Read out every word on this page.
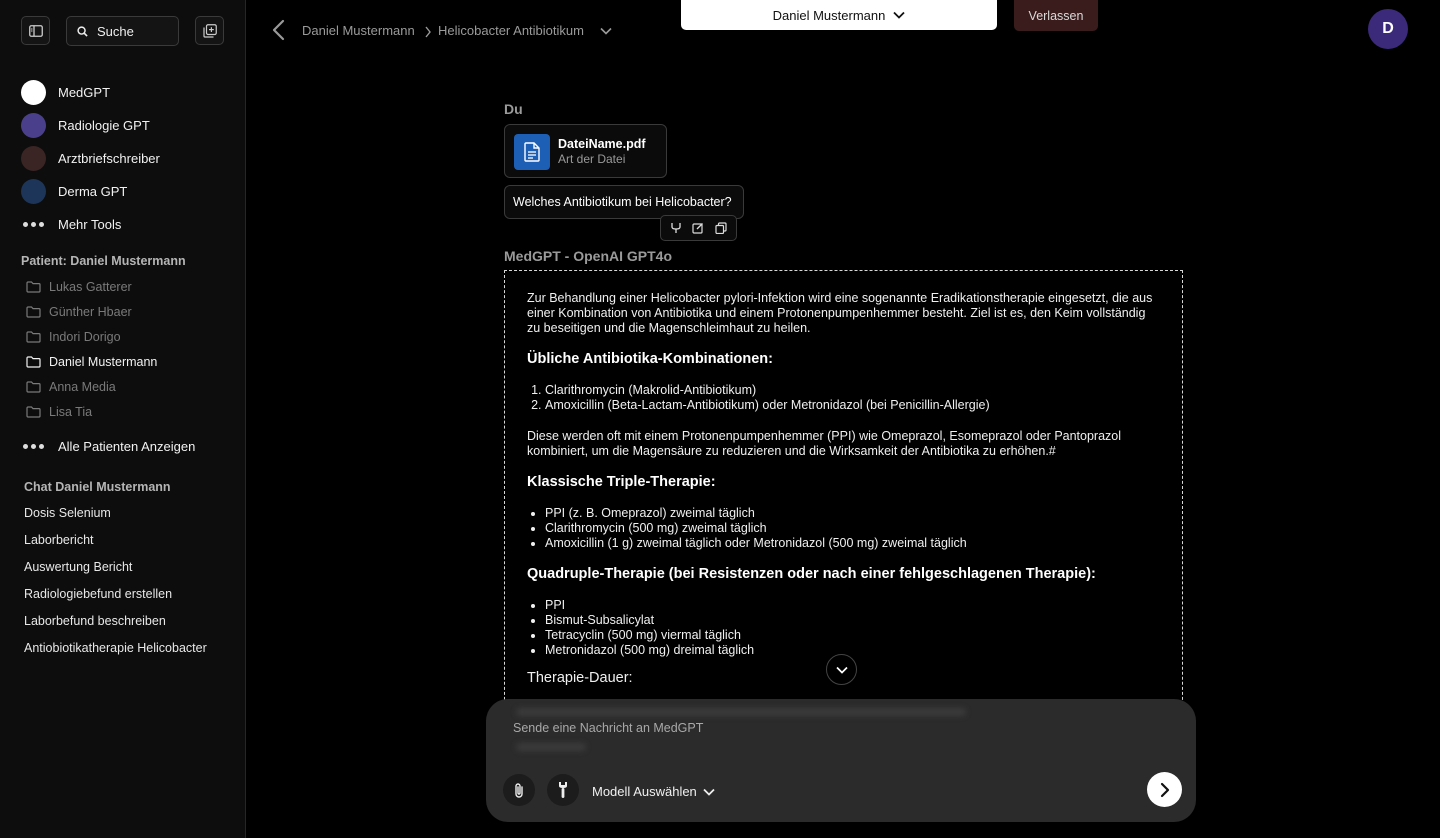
Suche
MedGPT
Radiologie GPT
Arztbriefschreiber
Derma GPT
Mehr Tools
Patient: Daniel Mustermann
Lukas Gatterer
Günther Hbaer
Indori Dorigo
Daniel Mustermann
Anna Media
Lisa Tia
Alle Patienten Anzeigen
Chat Daniel Mustermann
Dosis Selenium
Laborbericht
Auswertung Bericht
Radiologiebefund erstellen
Laborbefund beschreiben
Antiobiotikatherapie Helicobacter
Daniel Mustermann Helicobacter Antibiotikum
Daniel Mustermann	Verlassen
D
Du
DateiName.pdf
Art der Datei
Welches Antibiotikum bei Helicobacter?
MedGPT - OpenAI GPT4o

Zur Behandlung einer Helicobacter pylori-Infektion wird eine sogenannte Eradikationstherapie eingesetzt, die aus einer Kombination von Antibiotika und einem Protonenpumpenhemmer besteht. Ziel ist es, den Keim vollständig zu beseitigen und die Magenschleimhaut zu heilen.

Übliche Antibiotika-Kombinationen:
1. Clarithromycin (Makrolid-Antibiotikum)
2. Amoxicillin (Beta-Lactam-Antibiotikum) oder Metronidazol (bei Penicillin-Allergie)

Diese werden oft mit einem Protonenpumpenhemmer (PPI) wie Omeprazol, Esomeprazol oder Pantoprazol kombiniert, um die Magensäure zu reduzieren und die Wirksamkeit der Antibiotika zu erhöhen.#

Klassische Triple-Therapie:
• PPI (z. B. Omeprazol) zweimal täglich
• Clarithromycin (500 mg) zweimal täglich
• Amoxicillin (1 g) zweimal täglich oder Metronidazol (500 mg) zweimal täglich
Quadruple-Therapie (bei Resistenzen oder nach einer fehlgeschlagenen Therapie):
• PPI
• Bismut-Subsalicylat
• Tetracyclin (500 mg) viermal täglich
• Metronidazol (500 mg) dreimal täglich
Therapie-Dauer:
Sende eine Nachricht an MedGPT
Modell Auswählen
